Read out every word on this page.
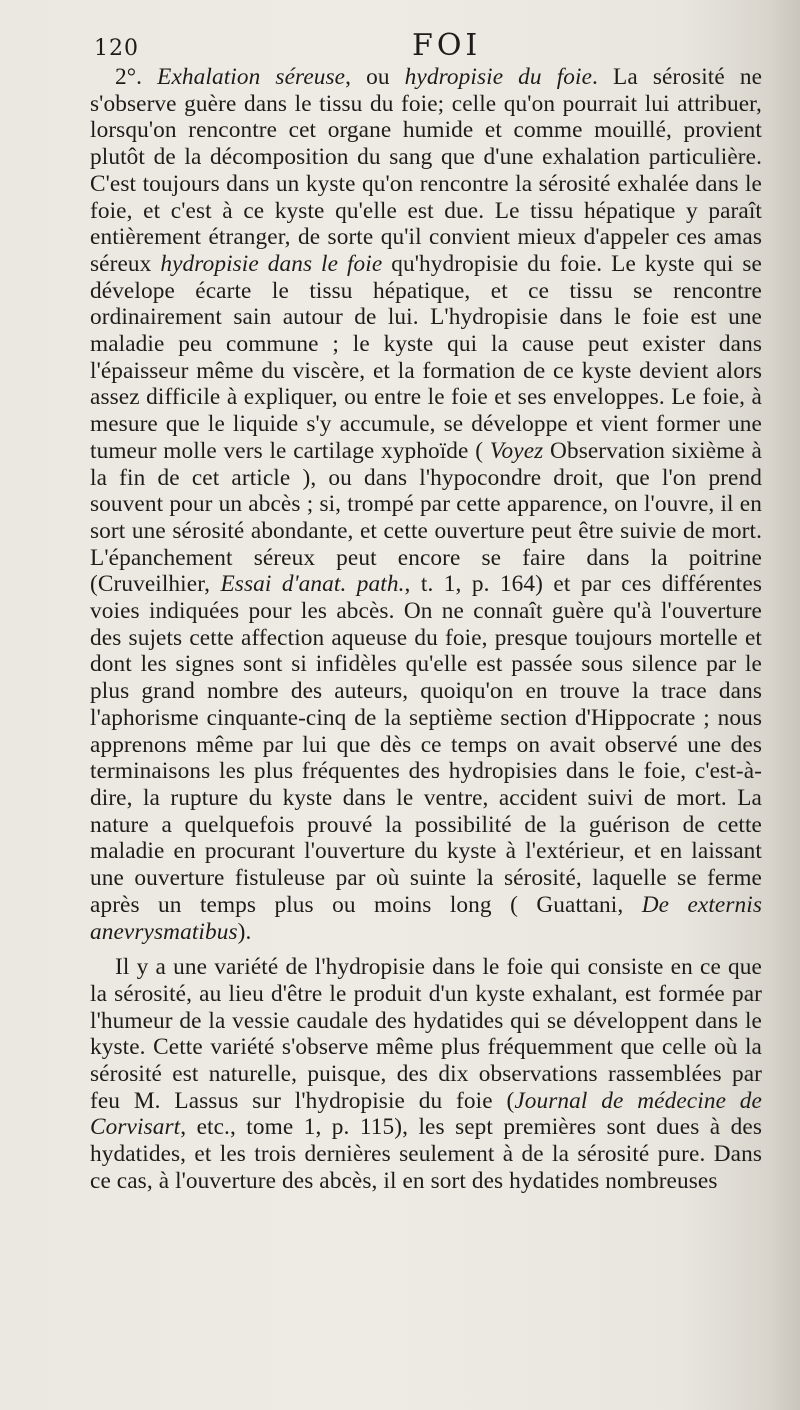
120	FOI

2°. Exhalation séreuse, ou hydropisie du foie. La sérosité ne s'observe guère dans le tissu du foie; celle qu'on pourrait lui attribuer, lorsqu'on rencontre cet organe humide et comme mouillé, provient plutôt de la décomposition du sang que d'une exhalation particulière. C'est toujours dans un kyste qu'on rencontre la sérosité exhalée dans le foie, et c'est à ce kyste qu'elle est due. Le tissu hépatique y paraît entièrement étranger, de sorte qu'il convient mieux d'appeler ces amas séreux hydropisie dans le foie qu'hydropisie du foie. Le kyste qui se dévelope écarte le tissu hépatique, et ce tissu se rencontre ordinairement sain autour de lui. L'hydropisie dans le foie est une maladie peu commune ; le kyste qui la cause peut exister dans l'épaisseur même du viscère, et la formation de ce kyste devient alors assez difficile à expliquer, ou entre le foie et ses enveloppes. Le foie, à mesure que le liquide s'y accumule, se développe et vient former une tumeur molle vers le cartilage xyphoïde ( Voyez Observation sixième à la fin de cet article ), ou dans l'hypocondre droit, que l'on prend souvent pour un abcès ; si, trompé par cette apparence, on l'ouvre, il en sort une sérosité abondante, et cette ouverture peut être suivie de mort. L'épanchement séreux peut encore se faire dans la poitrine (Cruveilhier, Essai d'anat. path., t. 1, p. 164) et par ces différentes voies indiquées pour les abcès. On ne connaît guère qu'à l'ouverture des sujets cette affection aqueuse du foie, presque toujours mortelle et dont les signes sont si infidèles qu'elle est passée sous silence par le plus grand nombre des auteurs, quoiqu'on en trouve la trace dans l'aphorisme cinquante-cinq de la septième section d'Hippocrate ; nous apprenons même par lui que dès ce temps on avait observé une des terminaisons les plus fréquentes des hydropisies dans le foie, c'est-à-dire, la rupture du kyste dans le ventre, accident suivi de mort. La nature a quelquefois prouvé la possibilité de la guérison de cette maladie en procurant l'ouverture du kyste à l'extérieur, et en laissant une ouverture fistuleuse par où suinte la sérosité, laquelle se ferme après un temps plus ou moins long ( Guattani, De externis anevrysmatibus).

Il y a une variété de l'hydropisie dans le foie qui consiste en ce que la sérosité, au lieu d'être le produit d'un kyste exhalant, est formée par l'humeur de la vessie caudale des hydatides qui se développent dans le kyste. Cette variété s'observe même plus fréquemment que celle où la sérosité est naturelle, puisque, des dix observations rassemblées par feu M. Lassus sur l'hydropisie du foie (Journal de médecine de Corvisart, etc., tome 1, p. 115), les sept premières sont dues à des hydatides, et les trois dernières seulement à de la sérosité pure. Dans ce cas, à l'ouverture des abcès, il en sort des hydatides nombreuses
